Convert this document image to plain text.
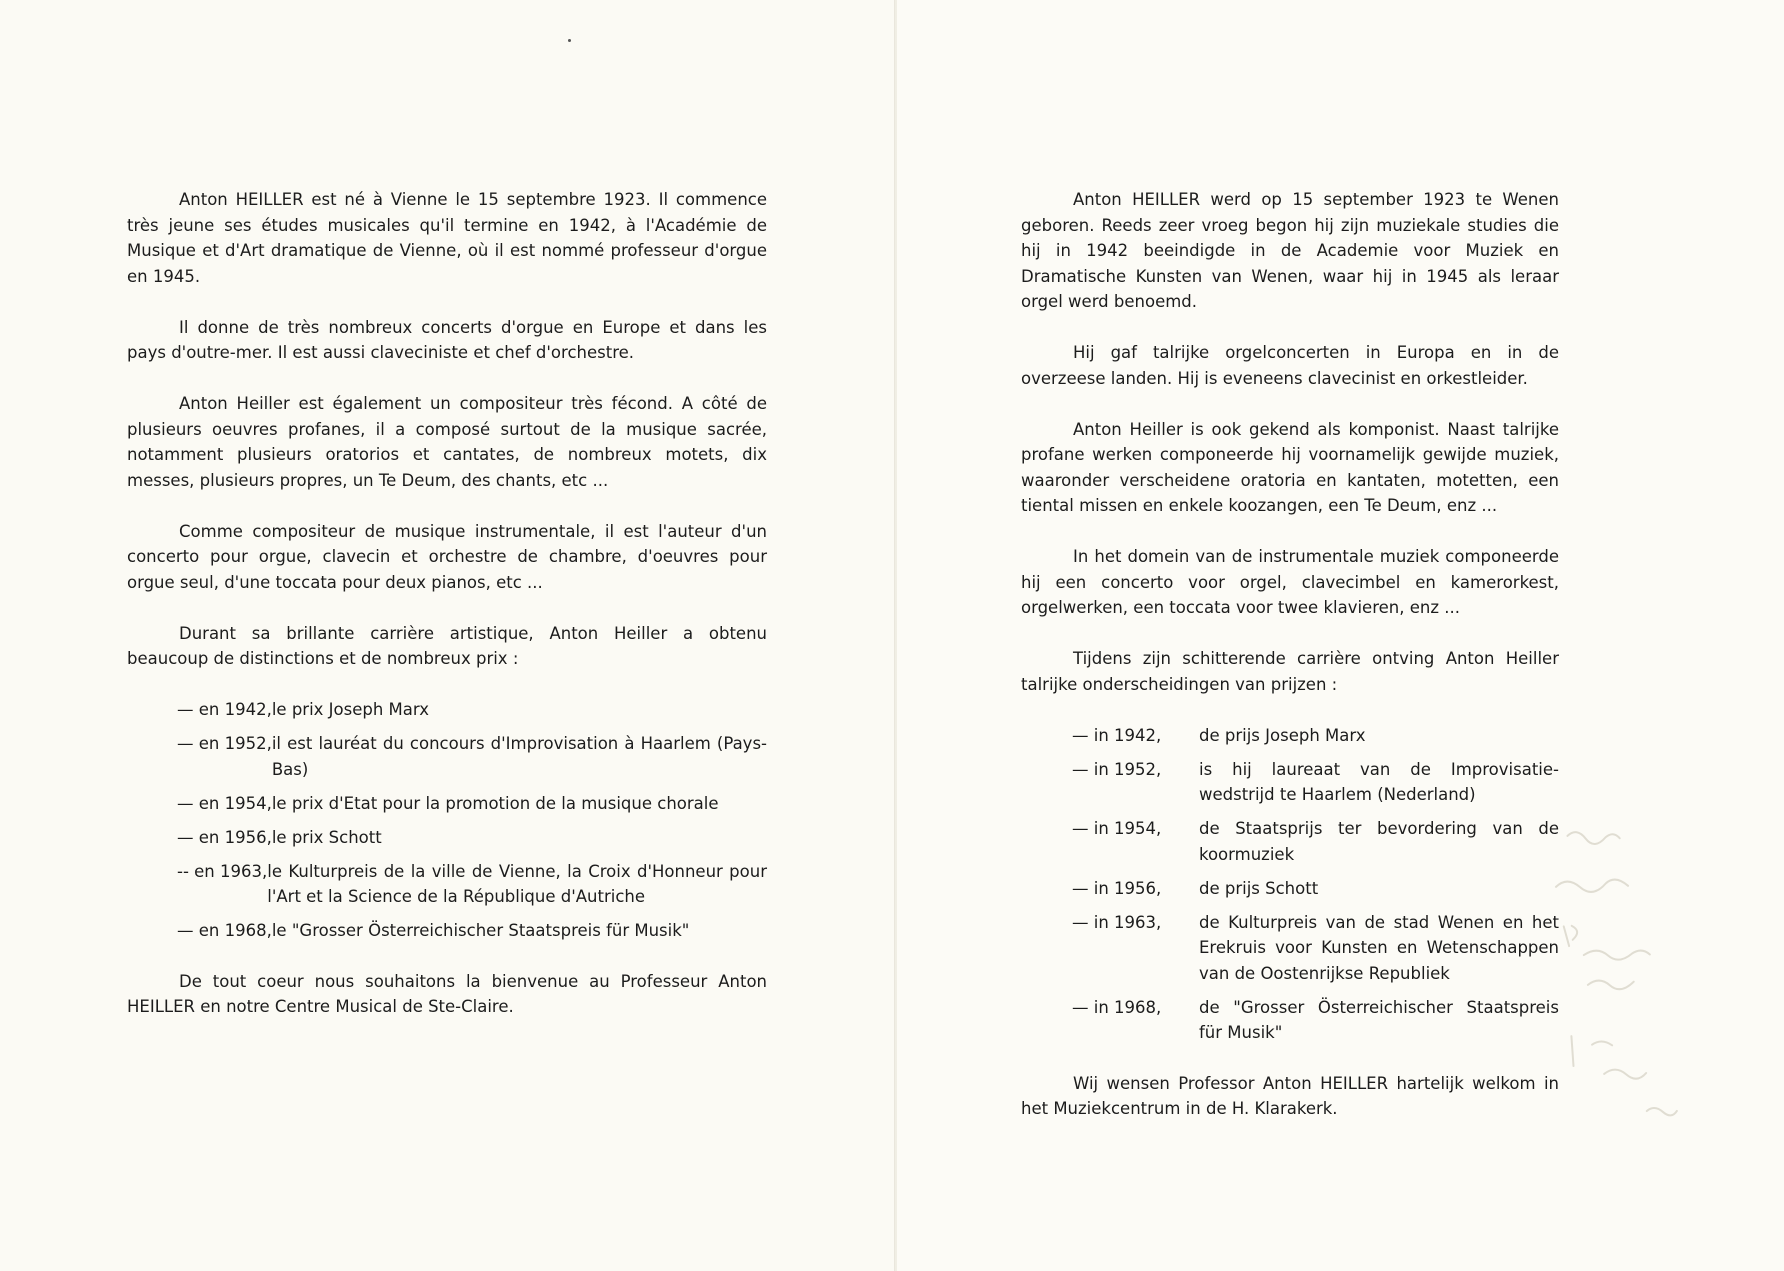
Anton HEILLER est né à Vienne le 15 septembre 1923. Il commence très jeune ses études musicales qu'il termine en 1942, à l'Académie de Musique et d'Art dramatique de Vienne, où il est nommé professeur d'orgue en 1945.

Il donne de très nombreux concerts d'orgue en Europe et dans les pays d'outre-mer. Il est aussi claveciniste et chef d'orchestre.

Anton Heiller est également un compositeur très fécond. A côté de plusieurs oeuvres profanes, il a composé surtout de la musique sacrée, notamment plusieurs oratorios et cantates, de nombreux motets, dix messes, plusieurs propres, un Te Deum, des chants, etc ...

Comme compositeur de musique instrumentale, il est l'auteur d'un concerto pour orgue, clavecin et orchestre de chambre, d'oeuvres pour orgue seul, d'une toccata pour deux pianos, etc ...

Durant sa brillante carrière artistique, Anton Heiller a obtenu beaucoup de distinctions et de nombreux prix :

— en 1942, le prix Joseph Marx
— en 1952, il est lauréat du concours d'Improvisation à Haarlem (Pays-Bas)
— en 1954, le prix d'Etat pour la promotion de la musique chorale
— en 1956, le prix Schott
-- en 1963, le Kulturpreis de la ville de Vienne, la Croix d'Honneur pour l'Art et la Science de la République d'Autriche
— en 1968, le "Grosser Österreichischer Staatspreis für Musik"

De tout coeur nous souhaitons la bienvenue au Professeur Anton HEILLER en notre Centre Musical de Ste-Claire.

Anton HEILLER werd op 15 september 1923 te Wenen geboren. Reeds zeer vroeg begon hij zijn muziekale studies die hij in 1942 beeindigde in de Academie voor Muziek en Dramatische Kunsten van Wenen, waar hij in 1945 als leraar orgel werd benoemd.

Hij gaf talrijke orgelconcerten in Europa en in de overzeese landen. Hij is eveneens clavecinist en orkestleider.

Anton Heiller is ook gekend als komponist. Naast talrijke profane werken componeerde hij voornamelijk gewijde muziek, waaronder verscheidene oratoria en kantaten, motetten, een tiental missen en enkele koozangen, een Te Deum, enz ...

In het domein van de instrumentale muziek componeerde hij een concerto voor orgel, clavecimbel en kamerorkest, orgelwerken, een toccata voor twee klavieren, enz ...

Tijdens zijn schitterende carrière ontving Anton Heiller talrijke onderscheidingen van prijzen :

— in 1942,	de prijs Joseph Marx
— in 1952,	is hij laureaat van de Improvisatie-wedstrijd te Haarlem (Nederland)
— in 1954,	de Staatsprijs ter bevordering van de koormuziek
— in 1956,	de prijs Schott
— in 1963,	de Kulturpreis van de stad Wenen en het Erekruis voor Kunsten en Wetenschappen van de Oostenrijkse Republiek
— in 1968,	de "Grosser Österreichischer Staatspreis für Musik"

Wij wensen Professor Anton HEILLER hartelijk welkom in het Muziekcentrum in de H. Klarakerk.
